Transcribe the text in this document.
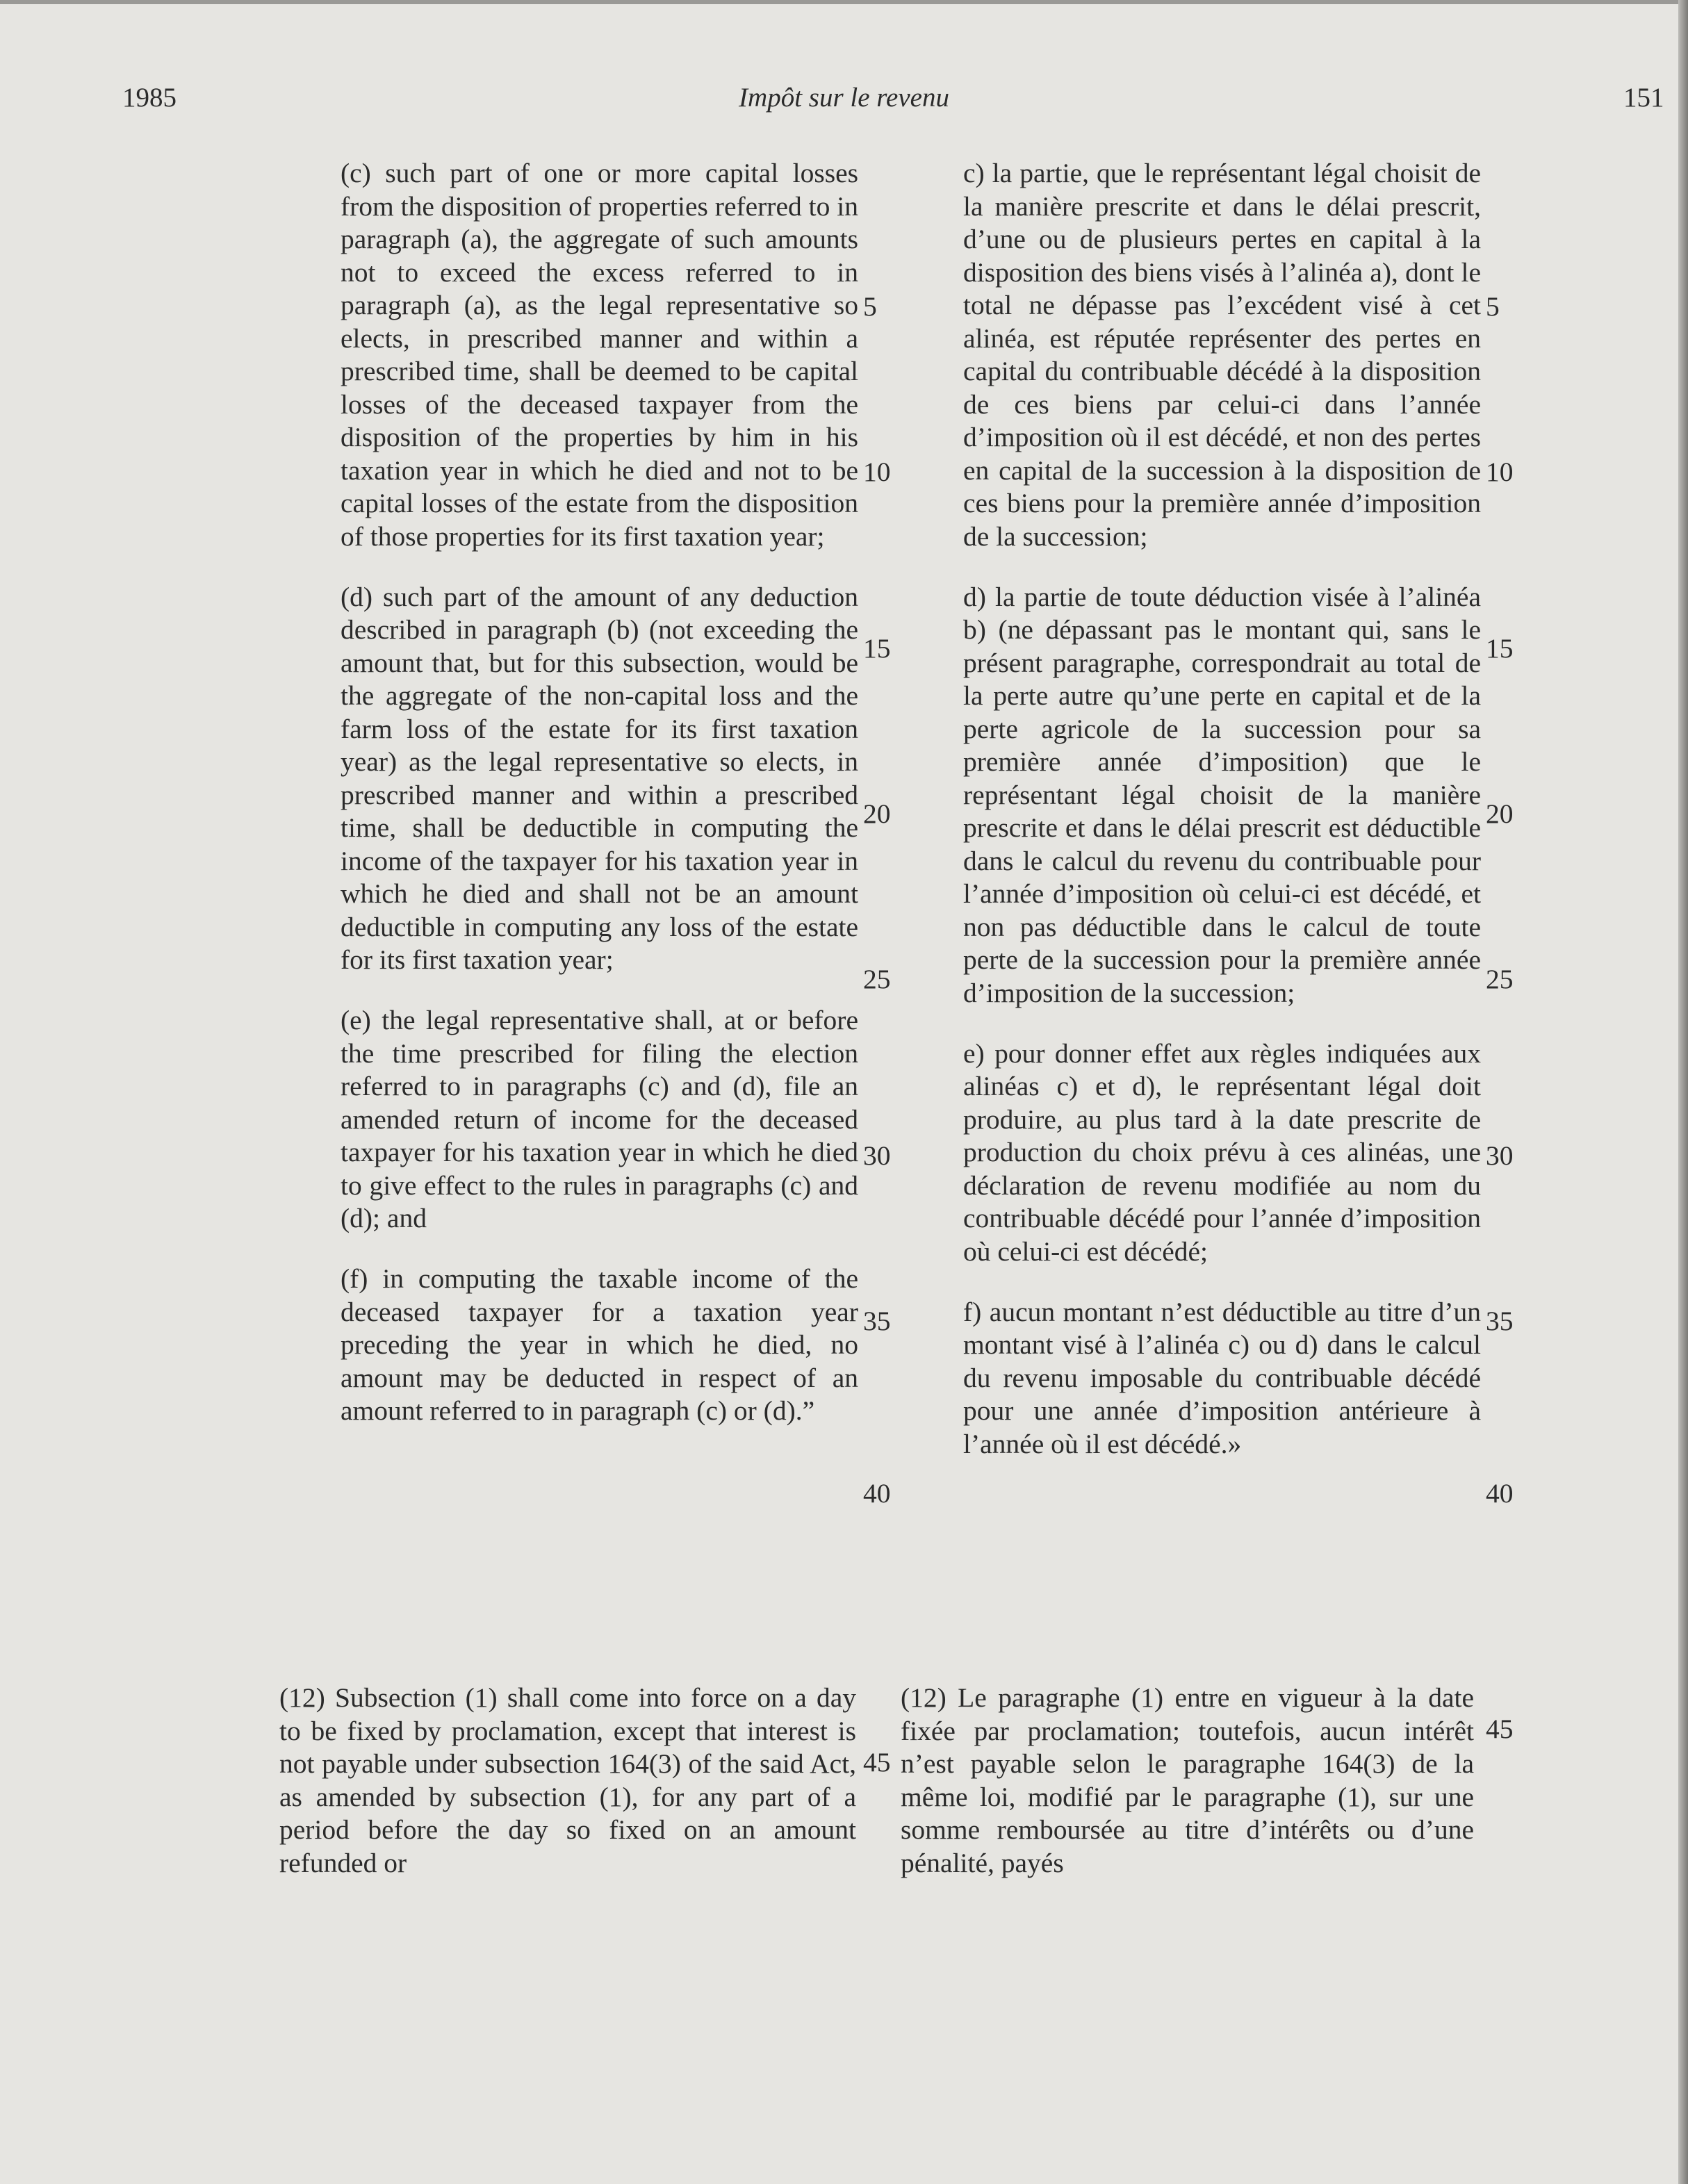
1985	Impôt sur le revenu	151

(c) such part of one or more capital losses from the disposition of properties referred to in paragraph (a), the aggregate of such amounts not to exceed the excess referred to in paragraph (a), as the legal representative so elects, in prescribed manner and within a prescribed time, shall be deemed to be capital losses of the deceased taxpayer from the disposition of the properties by him in his taxation year in which he died and not to be capital losses of the estate from the disposition of those properties for its first taxation year;

(d) such part of the amount of any deduction described in paragraph (b) (not exceeding the amount that, but for this subsection, would be the aggregate of the non-capital loss and the farm loss of the estate for its first taxation year) as the legal representative so elects, in prescribed manner and within a prescribed time, shall be deductible in computing the income of the taxpayer for his taxation year in which he died and shall not be an amount deductible in computing any loss of the estate for its first taxation year;

(e) the legal representative shall, at or before the time prescribed for filing the election referred to in paragraphs (c) and (d), file an amended return of income for the deceased taxpayer for his taxation year in which he died to give effect to the rules in paragraphs (c) and (d); and

(f) in computing the taxable income of the deceased taxpayer for a taxation year preceding the year in which he died, no amount may be deducted in respect of an amount referred to in paragraph (c) or (d).”

c) la partie, que le représentant légal choisit de la manière prescrite et dans le délai prescrit, d’une ou de plusieurs pertes en capital à la disposition des biens visés à l’alinéa a), dont le total ne dépasse pas l’excédent visé à cet alinéa, est réputée représenter des pertes en capital du contribuable décédé à la disposition de ces biens par celui-ci dans l’année d’imposition où il est décédé, et non des pertes en capital de la succession à la disposition de ces biens pour la première année d’imposition de la succession;

d) la partie de toute déduction visée à l’alinéa b) (ne dépassant pas le montant qui, sans le présent paragraphe, correspondrait au total de la perte autre qu’une perte en capital et de la perte agricole de la succession pour sa première année d’imposition) que le représentant légal choisit de la manière prescrite et dans le délai prescrit est déductible dans le calcul du revenu du contribuable pour l’année d’imposition où celui-ci est décédé, et non pas déductible dans le calcul de toute perte de la succession pour la première année d’imposition de la succession;

e) pour donner effet aux règles indiquées aux alinéas c) et d), le représentant légal doit produire, au plus tard à la date prescrite de production du choix prévu à ces alinéas, une déclaration de revenu modifiée au nom du contribuable décédé pour l’année d’imposition où celui-ci est décédé;

f) aucun montant n’est déductible au titre d’un montant visé à l’alinéa c) ou d) dans le calcul du revenu imposable du contribuable décédé pour une année d’imposition antérieure à l’année où il est décédé.»

5
10
15
20
25
30
35
40
45
5
10
15
20
25
30
35
40
45
(12) Subsection (1) shall come into force on a day to be fixed by proclamation, except that interest is not payable under subsection 164(3) of the said Act, as amended by subsection (1), for any part of a period before the day so fixed on an amount refunded or
(12) Le paragraphe (1) entre en vigueur à la date fixée par proclamation; toutefois, aucun intérêt n’est payable selon le paragraphe 164(3) de la même loi, modifié par le paragraphe (1), sur une somme remboursée au titre d’intérêts ou d’une pénalité, payés
